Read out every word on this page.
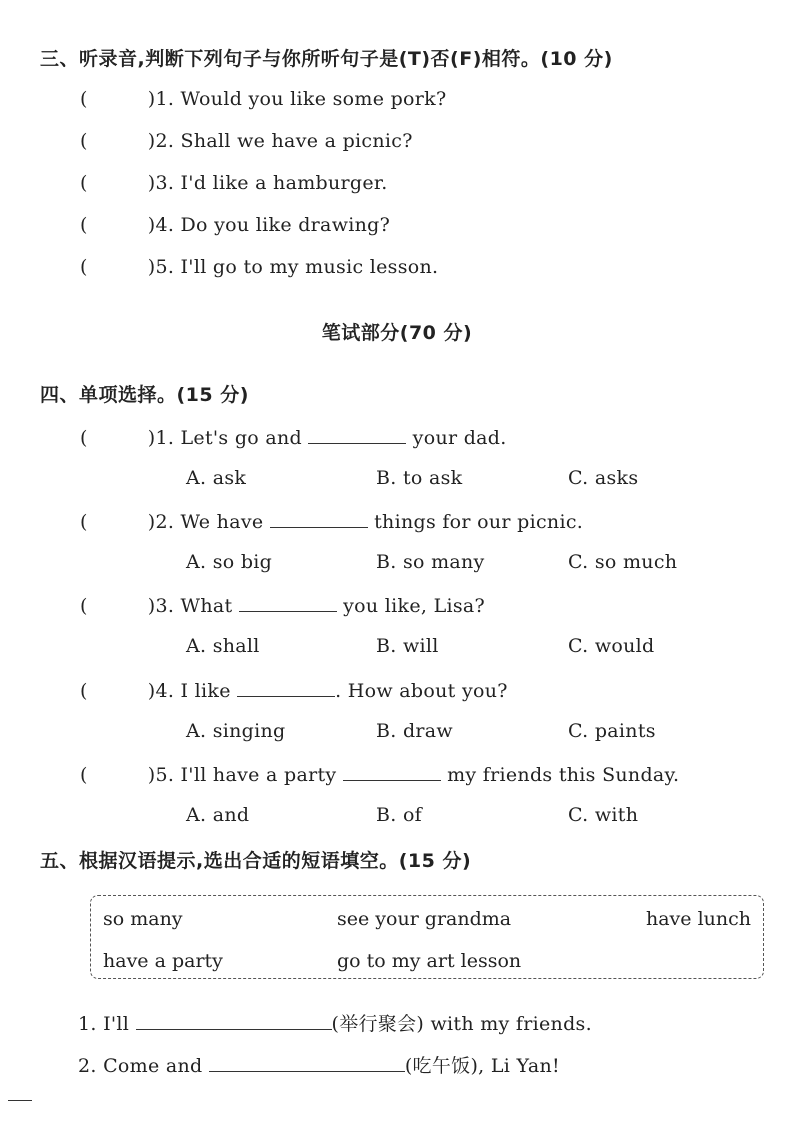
三、听录音,判断下列句子与你所听句子是(T)否(F)相符。(10 分)
(	)1. Would you like some pork?
(	)2. Shall we have a picnic?
(	)3. I'd like a hamburger.
(	)4. Do you like drawing?
(	)5. I'll go to my music lesson.
笔试部分(70 分)
四、单项选择。(15 分)
(	)1. Let's go and	your dad.
A. ask	B. to ask	C. asks
(	)2. We have	things for our picnic.
A. so big	B. so many	C. so much
(	)3. What	you like, Lisa?
A. shall	B. will	C. would
(	)4. I like	. How about you?
A. singing	B. draw	C. paints
(	)5. I'll have a party	my friends this Sunday.
A. and	B. of	C. with
五、根据汉语提示,选出合适的短语填空。(15 分)
so many	see your grandma	have lunch
have a party	go to my art lesson
1. I'll	(举行聚会) with my friends.
2. Come and	(吃午饭), Li Yan!
